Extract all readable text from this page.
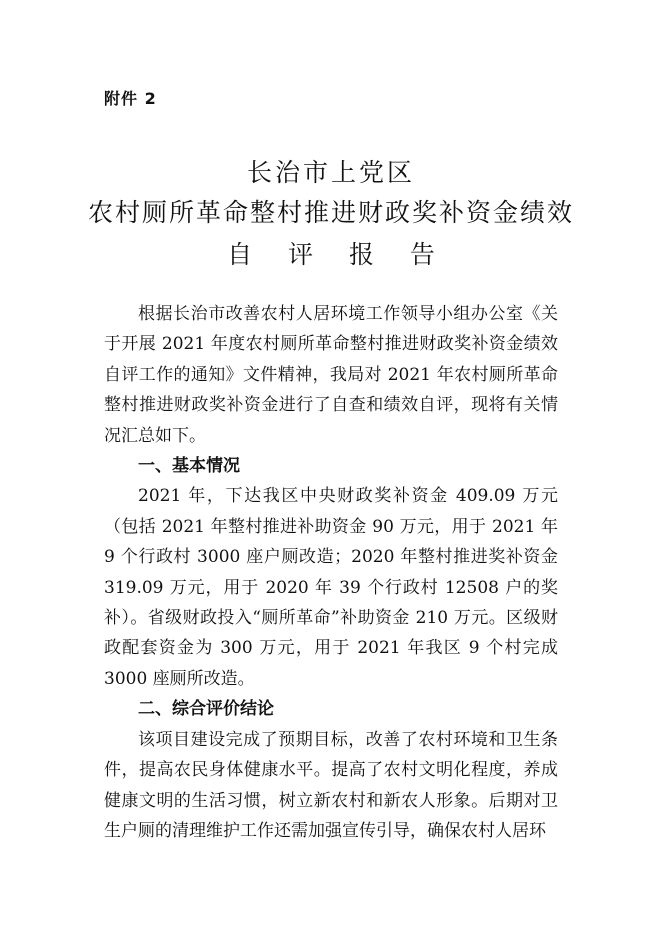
附件 2
长治市上党区
农村厕所革命整村推进财政奖补资金绩效
自 评 报 告

根据长治市改善农村人居环境工作领导小组办公室《关于开展 2021 年度农村厕所革命整村推进财政奖补资金绩效自评工作的通知》文件精神，我局对 2021 年农村厕所革命整村推进财政奖补资金进行了自查和绩效自评，现将有关情况汇总如下。

一、基本情况

2021 年，下达我区中央财政奖补资金 409.09 万元（包括 2021 年整村推进补助资金 90 万元，用于 2021 年 9 个行政村 3000 座户厕改造；2020 年整村推进奖补资金 319.09 万元，用于 2020 年 39 个行政村 12508 户的奖补）。省级财政投入“厕所革命”补助资金 210 万元。区级财政配套资金为 300 万元，用于 2021 年我区 9 个村完成 3000 座厕所改造。

二、综合评价结论

该项目建设完成了预期目标，改善了农村环境和卫生条件，提高农民身体健康水平。提高了农村文明化程度，养成健康文明的生活习惯，树立新农村和新农人形象。后期对卫生户厕的清理维护工作还需加强宣传引导，确保农村人居环
